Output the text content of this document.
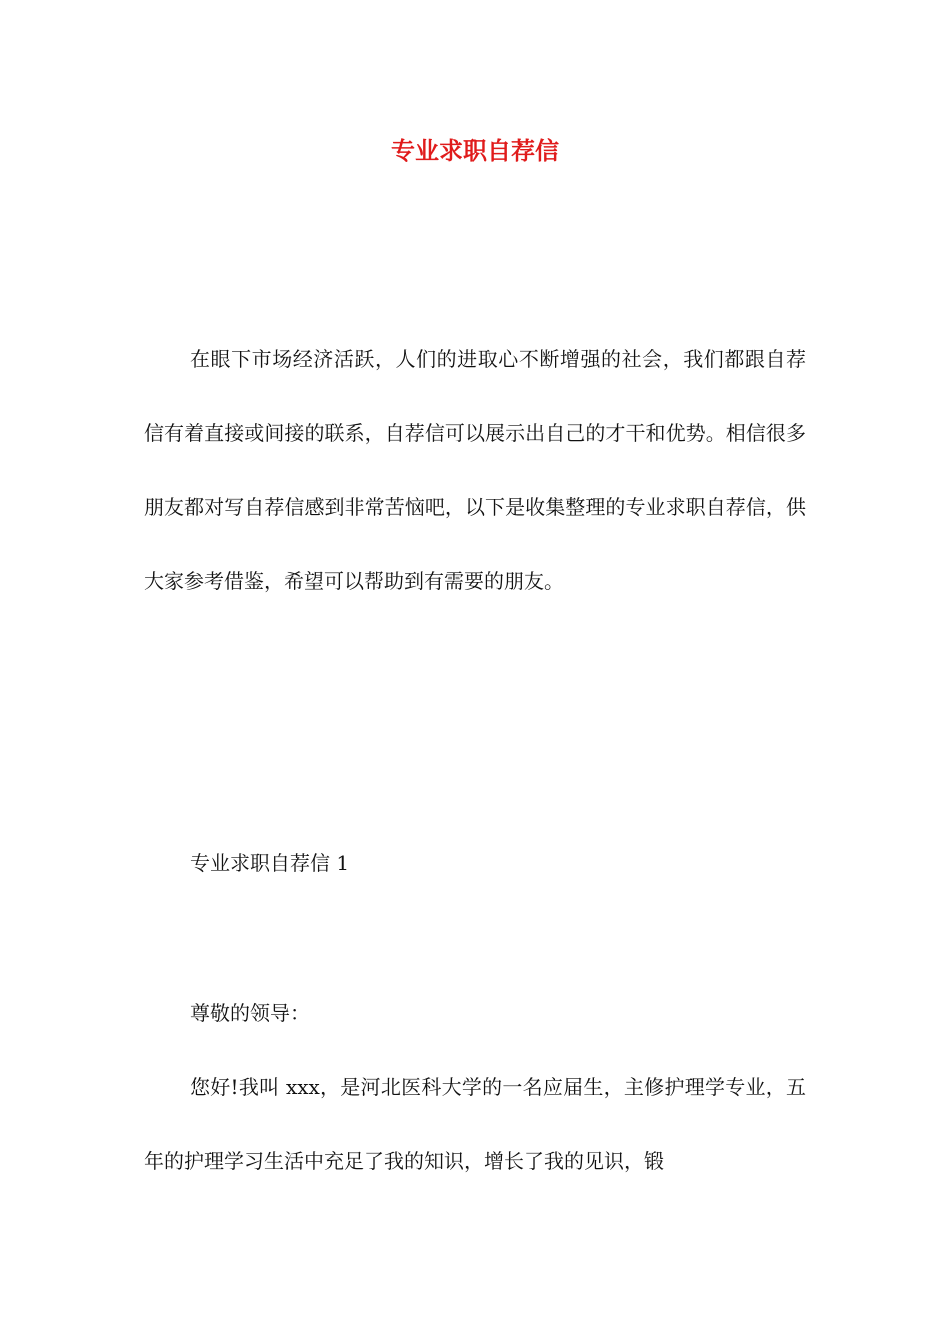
专业求职自荐信

在眼下市场经济活跃，人们的进取心不断增强的社会，我们都跟自荐信有着直接或间接的联系，自荐信可以展示出自己的才干和优势。相信很多朋友都对写自荐信感到非常苦恼吧，以下是收集整理的专业求职自荐信，供大家参考借鉴，希望可以帮助到有需要的朋友。

专业求职自荐信 1

尊敬的领导：

您好!我叫 xxx，是河北医科大学的一名应届生，主修护理学专业，五年的护理学习生活中充足了我的知识，增长了我的见识，锻
